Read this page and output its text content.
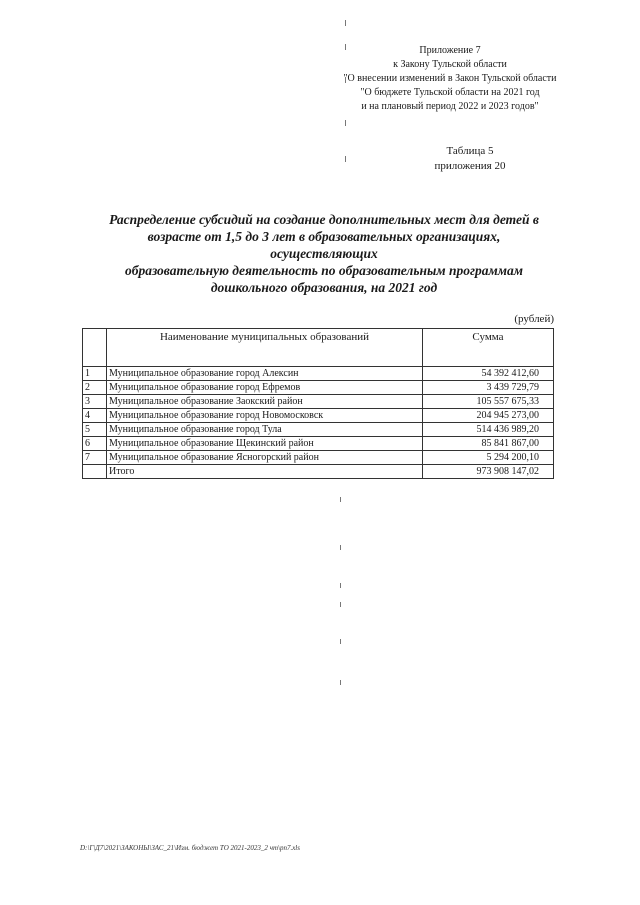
Приложение 7
к Закону Тульской области
"О внесении изменений в Закон Тульской области
"О бюджете Тульской области на 2021 год
и на плановый период 2022 и 2023 годов"
Таблица 5
приложения 20
Распределение субсидий на создание дополнительных мест для детей в
возрасте от 1,5 до 3 лет в образовательных организациях, осуществляющих
образовательную деятельность по образовательным программам
дошкольного образования, на 2021 год
(рублей)
	Наименование муниципальных образований	Сумма

1	Муниципальное образование город Алексин	54 392 412,60
2	Муниципальное образование город Ефремов	3 439 729,79
3	Муниципальное образование Заокский район	105 557 675,33
4	Муниципальное образование город Новомосковск	204 945 273,00
5	Муниципальное образование город Тула	514 436 989,20
6	Муниципальное образование Щекинский район	85 841 867,00
7	Муниципальное образование Ясногорский район	5 294 200,10
	Итого	973 908 147,02
D:\Г\Д7\2021\ЗАКОНЫ\ЗАС_21\Изм. бюджет ТО 2021-2023_2 чт\рп7.xls
